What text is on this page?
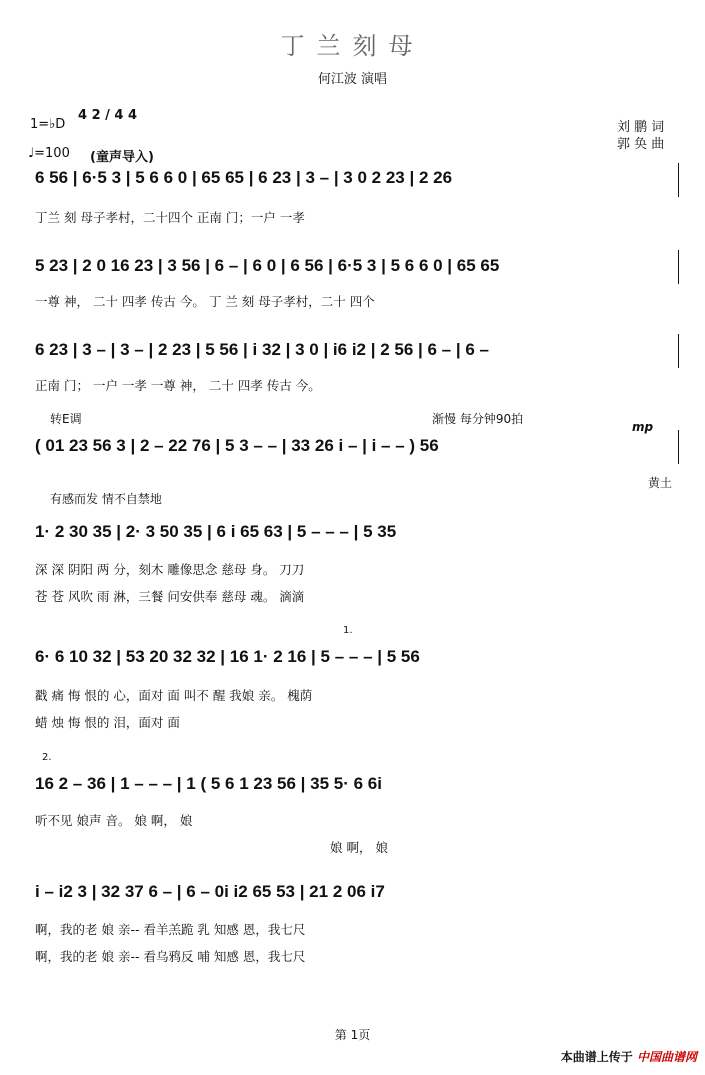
丁兰刻母
何江波 演唱
1=♭D
4 2 / 4 4
♩=100 (童声导入)
刘 鹏 词
郭 奂 曲
6 56 | 6·5 3 | 5 6 6 0 | 65 65 | 6 23 | 3 – | 3 0 2 23 | 2 26
丁兰 刻 母子孝村，二十四个 正南 门；一户 一孝
5 23 | 2 0 16 23 | 3 56 | 6 – | 6 0 | 6 56 | 6·5 3 | 5 6 6 0 | 65 65
一尊 神， 二十 四孝 传古 今。 丁 兰 刻 母子孝村，二十 四个
6 23 | 3 – | 3 – | 2 23 | 5 56 | i 32 | 3 0 | i6 i2 | 2 56 | 6 – | 6 –
正南 门； 一户 一孝 一尊 神， 二十 四孝 传古 今。
转E调	渐慢 每分钟90拍
mp
( 01 23 56 3 | 2 – 22 76 | 5 3 – – | 33 26 i – | i – – ) 56
黄土
有感而发 情不自禁地
1· 2 30 35 | 2· 3 50 35 | 6 i 65 63 | 5 – – – | 5 35
深 深 阴阳 两 分，刻木 雕像思念 慈母 身。 刀刀
苍 苍 风吹 雨 淋，三餐 问安供奉 慈母 魂。 滴滴
1.
6· 6 10 32 | 53 20 32 32 | 16 1· 2 16 | 5 – – – | 5 56
戳 痛 悔 恨的 心，面对 面 叫不 醒 我娘 亲。 槐荫
蜡 烛 悔 恨的 泪，面对 面
2.
16 2 – 36 | 1 – – – | 1 ( 5 6 1 23 56 | 35 5· 6 6i
听不见 娘声 音。 娘 啊， 娘
娘 啊， 娘
i – i2 3 | 32 37 6 – | 6 – 0i i2 65 53 | 21 2 06 i7
啊，我的老 娘 亲-- 看羊羔跪 乳 知感 恩，我七尺
啊，我的老 娘 亲-- 看乌鸦反 哺 知感 恩，我七尺
第 1页
本曲谱上传于 中国曲谱网
